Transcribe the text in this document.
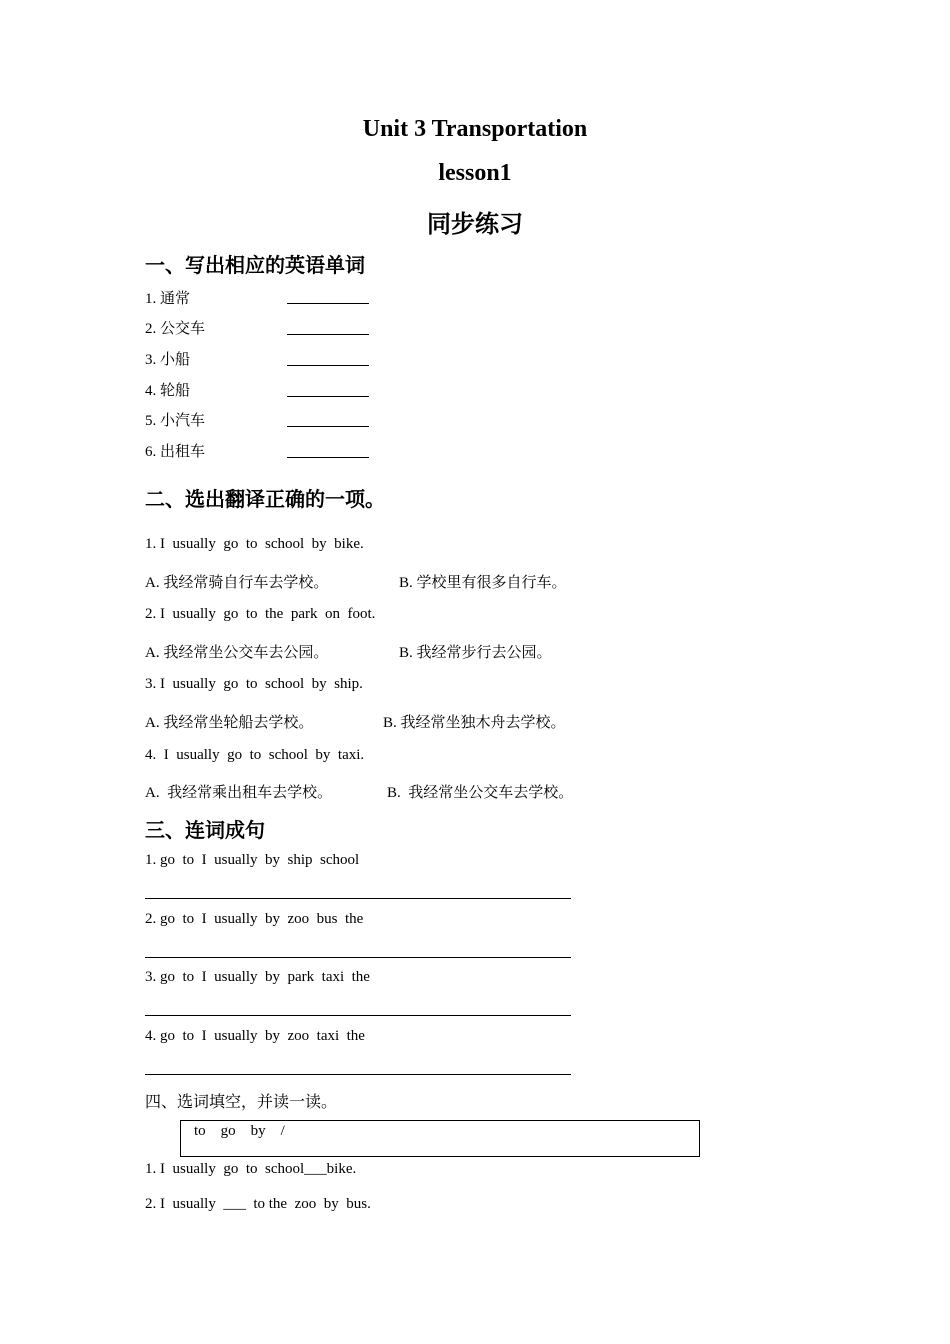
Unit 3 Transportation
lesson1
同步练习
一、写出相应的英语单词
1. 通常
2. 公交车
3. 小船
4. 轮船
5. 小汽车
6. 出租车
二、选出翻译正确的一项。
1. I  usually  go  to  school  by  bike.
A. 我经常骑自行车去学校。	B. 学校里有很多自行车。
2. I  usually  go  to  the  park  on  foot.
A. 我经常坐公交车去公园。	B. 我经常步行去公园。
3. I  usually  go  to  school  by  ship.
A. 我经常坐轮船去学校。	B. 我经常坐独木舟去学校。
4.  I  usually  go  to  school  by  taxi.
A.  我经常乘出租车去学校。	B.  我经常坐公交车去学校。
三、连词成句
1. go  to  I  usually  by  ship  school
2. go  to  I  usually  by  zoo  bus  the
3. go  to  I  usually  by  park  taxi  the
4. go  to  I  usually  by  zoo  taxi  the
四、选词填空，并读一读。
to    go    by    /
1. I  usually  go  to  school___bike.
2. I  usually  ___  to the  zoo  by  bus.
